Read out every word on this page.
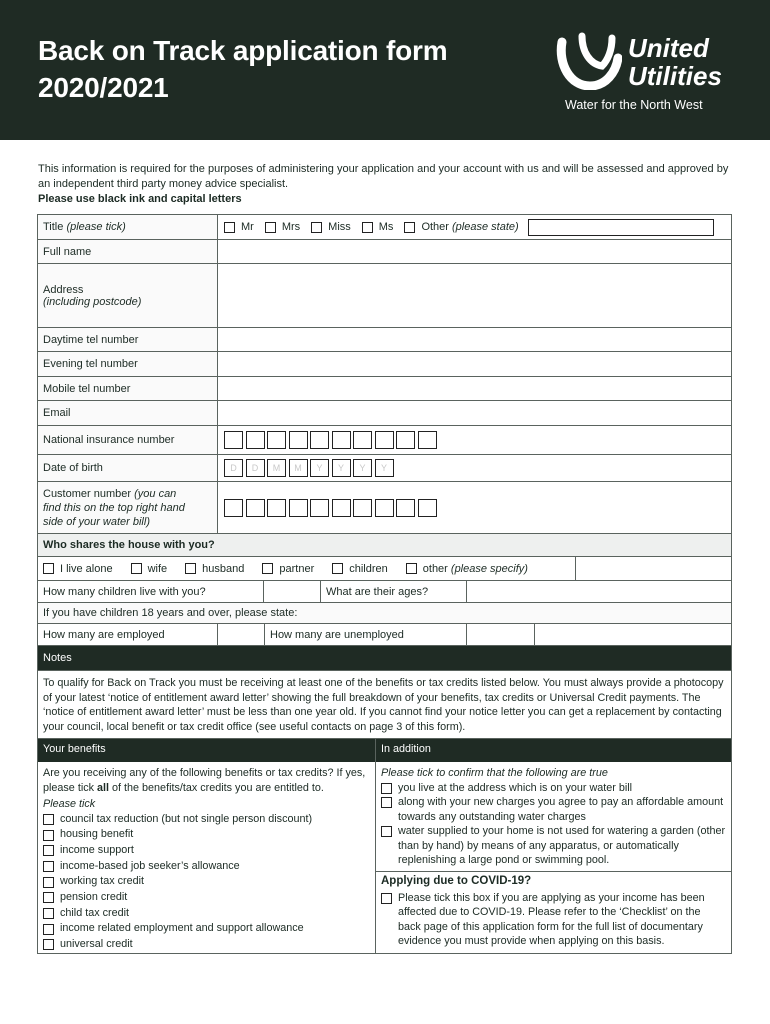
Back on Track application form
2020/2021
United
Utilities
Water for the North West
This information is required for the purposes of administering your application and your account with us and will be assessed and approved by an independent third party money advice specialist.
Please use black ink and capital letters
Title (please tick)	Mr	Mrs	Miss	Ms	Other
(please state)
Full name
Address
(including postcode)
Daytime tel number
Evening tel number
Mobile tel number
Email
National insurance number
Date of birth	D	D	M	M	Y	Y	Y	Y
Customer number (you can
find this on the top right hand
side of your water bill)
Who shares the house with you?
I live alone	wife	husband	partner	children	other
(please specify)
How many children live with you?	What are their ages?
If you have children 18 years and over, please state:
How many are employed	How many are unemployed
Notes
To qualify for Back on Track you must be receiving at least one of the benefits or tax credits listed below. You must always provide a photocopy of your latest ‘notice of entitlement award letter’ showing the full breakdown of your benefits, tax credits or Universal Credit payments. The ‘notice of entitlement award letter’ must be less than one year old. If you cannot find your notice letter you can get a replacement by contacting your council, local benefit or tax credit office (see useful contacts on page 3 of this form).
Your benefits
Are you receiving any of the following benefits or tax credits? If yes, please tick all of the benefits/tax credits you are entitled to.
Please tick
council tax reduction (but not single person discount)
housing benefit
income support
income-based job seeker’s allowance
working tax credit
pension credit
child tax credit
income related employment and support allowance
universal credit
In addition
Please tick to confirm that the following are true
you live at the address which is on your water bill
along with your new charges you agree to pay an affordable amount towards any outstanding water charges
water supplied to your home is not used for watering a garden (other than by hand) by means of any apparatus, or automatically replenishing a large pond or swimming pool.
Applying due to COVID-19?
Please tick this box if you are applying as your income has been affected due to COVID-19. Please refer to the ‘Checklist’ on the back page of this application form for the full list of documentary evidence you must provide when applying on this basis.
